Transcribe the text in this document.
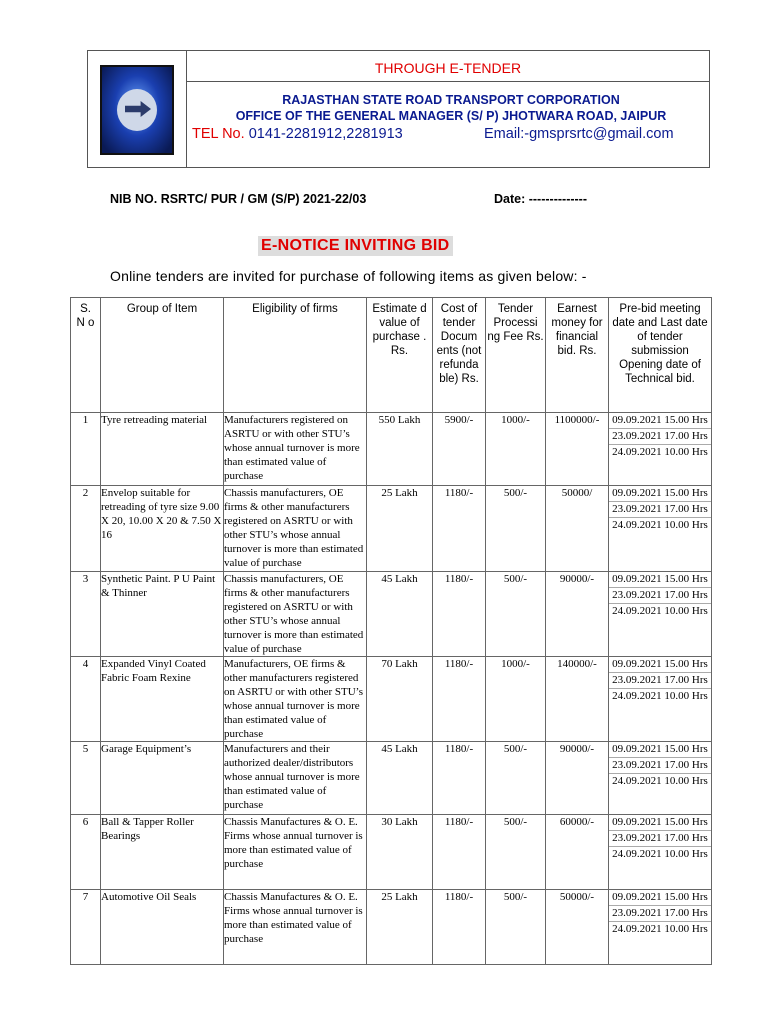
THROUGH E-TENDER
RAJASTHAN STATE ROAD TRANSPORT CORPORATION
OFFICE OF THE GENERAL MANAGER (S/ P) JHOTWARA ROAD, JAIPUR
TEL No. 0141-2281912,2281913	Email:-gmsprsrtc@gmail.com
NIB NO. RSRTC/ PUR / GM (S/P) 2021-22/03	Date: --------------
E-NOTICE INVITING BID
Online tenders are invited for purchase of following items as given below: -
S. N o	Group of Item	Eligibility of firms	Estimate d value of purchase . Rs.	Cost of tender Docum ents (not refunda ble) Rs.	Tender Processi ng Fee Rs.	Earnest money for financial bid. Rs.	Pre-bid meeting date and Last date of tender submission Opening date of Technical bid.
1	Tyre retreading material	Manufacturers registered on ASRTU or with other STU’s whose annual turnover is more than estimated value of purchase	550 Lakh	5900/-	1000/-	1100000/-	09.09.2021 15.00 Hrs
23.09.2021 17.00 Hrs
24.09.2021 10.00 Hrs

2	Envelop suitable for retreading of tyre size 9.00 X 20, 10.00 X 20 & 7.50 X 16	Chassis manufacturers, OE firms & other manufacturers registered on ASRTU or with other STU’s whose annual turnover is more than estimated value of purchase	25 Lakh	1180/-	500/-	50000/	09.09.2021 15.00 Hrs
23.09.2021 17.00 Hrs
24.09.2021 10.00 Hrs

3	Synthetic Paint. P U Paint & Thinner	Chassis manufacturers, OE firms & other manufacturers registered on ASRTU or with other STU’s whose annual turnover is more than estimated value of purchase	45 Lakh	1180/-	500/-	90000/-	09.09.2021 15.00 Hrs
23.09.2021 17.00 Hrs
24.09.2021 10.00 Hrs

4	Expanded Vinyl Coated Fabric Foam Rexine	Manufacturers, OE firms & other manufacturers registered on ASRTU or with other STU’s whose annual turnover is more than estimated value of purchase	70 Lakh	1180/-	1000/-	140000/-	09.09.2021 15.00 Hrs
23.09.2021 17.00 Hrs
24.09.2021 10.00 Hrs

5	Garage Equipment’s	Manufacturers and their authorized dealer/distributors whose annual turnover is more than estimated value of purchase	45 Lakh	1180/-	500/-	90000/-	09.09.2021 15.00 Hrs
23.09.2021 17.00 Hrs
24.09.2021 10.00 Hrs

6	Ball & Tapper Roller Bearings	Chassis Manufactures & O. E. Firms whose annual turnover is more than estimated value of purchase	30 Lakh	1180/-	500/-	60000/-	09.09.2021 15.00 Hrs
23.09.2021 17.00 Hrs
24.09.2021 10.00 Hrs

7	Automotive Oil Seals	Chassis Manufactures & O. E. Firms whose annual turnover is more than estimated value of purchase	25 Lakh	1180/-	500/-	50000/-	09.09.2021 15.00 Hrs
23.09.2021 17.00 Hrs
24.09.2021 10.00 Hrs
